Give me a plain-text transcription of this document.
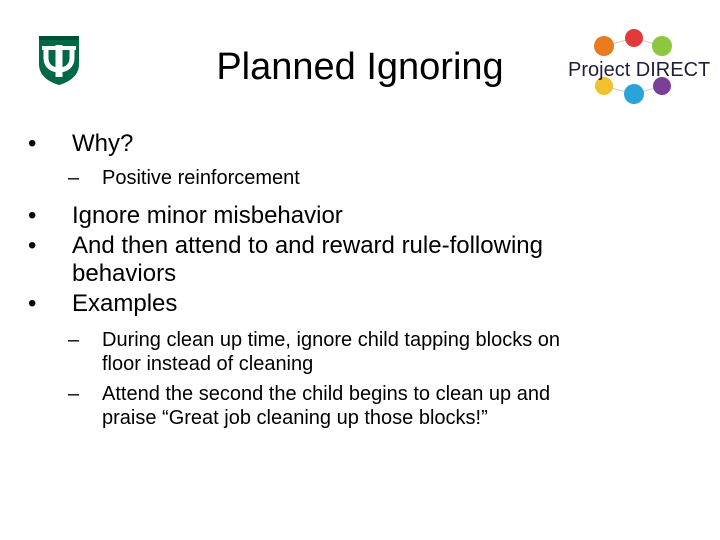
Planned Ignoring	Project DIRECT
•	Why?
– Positive reinforcement
•	Ignore minor misbehavior
•	And then attend to and reward rule-following
behaviors
•	Examples
– During clean up time, ignore child tapping blocks on
floor instead of cleaning
– Attend the second the child begins to clean up and
praise “Great job cleaning up those blocks!”
